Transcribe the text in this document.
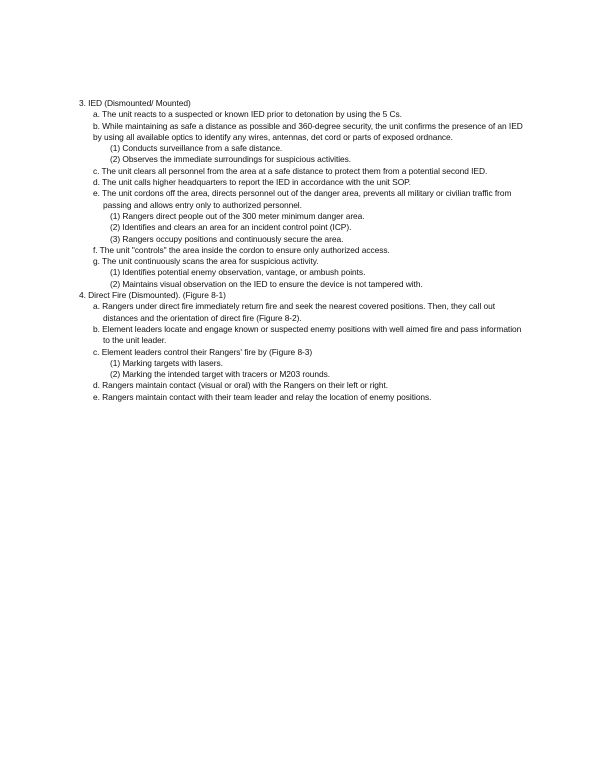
3. IED (Dismounted/ Mounted)
a. The unit reacts to a suspected or known IED prior to detonation by using the 5 Cs.
b. While maintaining as safe a distance as possible and 360-degree security, the unit confirms the presence of an IED
by using all available optics to identify any wires, antennas, det cord or parts of exposed ordnance.
(1) Conducts surveillance from a safe distance.
(2) Observes the immediate surroundings for suspicious activities.
c. The unit clears all personnel from the area at a safe distance to protect them from a potential second IED.
d. The unit calls higher headquarters to report the IED in accordance with the unit SOP.
e. The unit cordons off the area, directs personnel out of the danger area, prevents all military or civilian traffic from
passing and allows entry only to authorized personnel.
(1) Rangers direct people out of the 300 meter minimum danger area.
(2) Identifies and clears an area for an incident control point (ICP).
(3) Rangers occupy positions and continuously secure the area.
f. The unit "controls" the area inside the cordon to ensure only authorized access.
g. The unit continuously scans the area for suspicious activity.
(1) Identifies potential enemy observation, vantage, or ambush points.
(2) Maintains visual observation on the IED to ensure the device is not tampered with.
4. Direct Fire (Dismounted). (Figure 8-1)
a. Rangers under direct fire immediately return fire and seek the nearest covered positions. Then, they call out
distances and the orientation of direct fire (Figure 8-2).
b. Element leaders locate and engage known or suspected enemy positions with well aimed fire and pass information
to the unit leader.
c. Element leaders control their Rangers' fire by (Figure 8-3)
(1) Marking targets with lasers.
(2) Marking the intended target with tracers or M203 rounds.
d. Rangers maintain contact (visual or oral) with the Rangers on their left or right.
e. Rangers maintain contact with their team leader and relay the location of enemy positions.
